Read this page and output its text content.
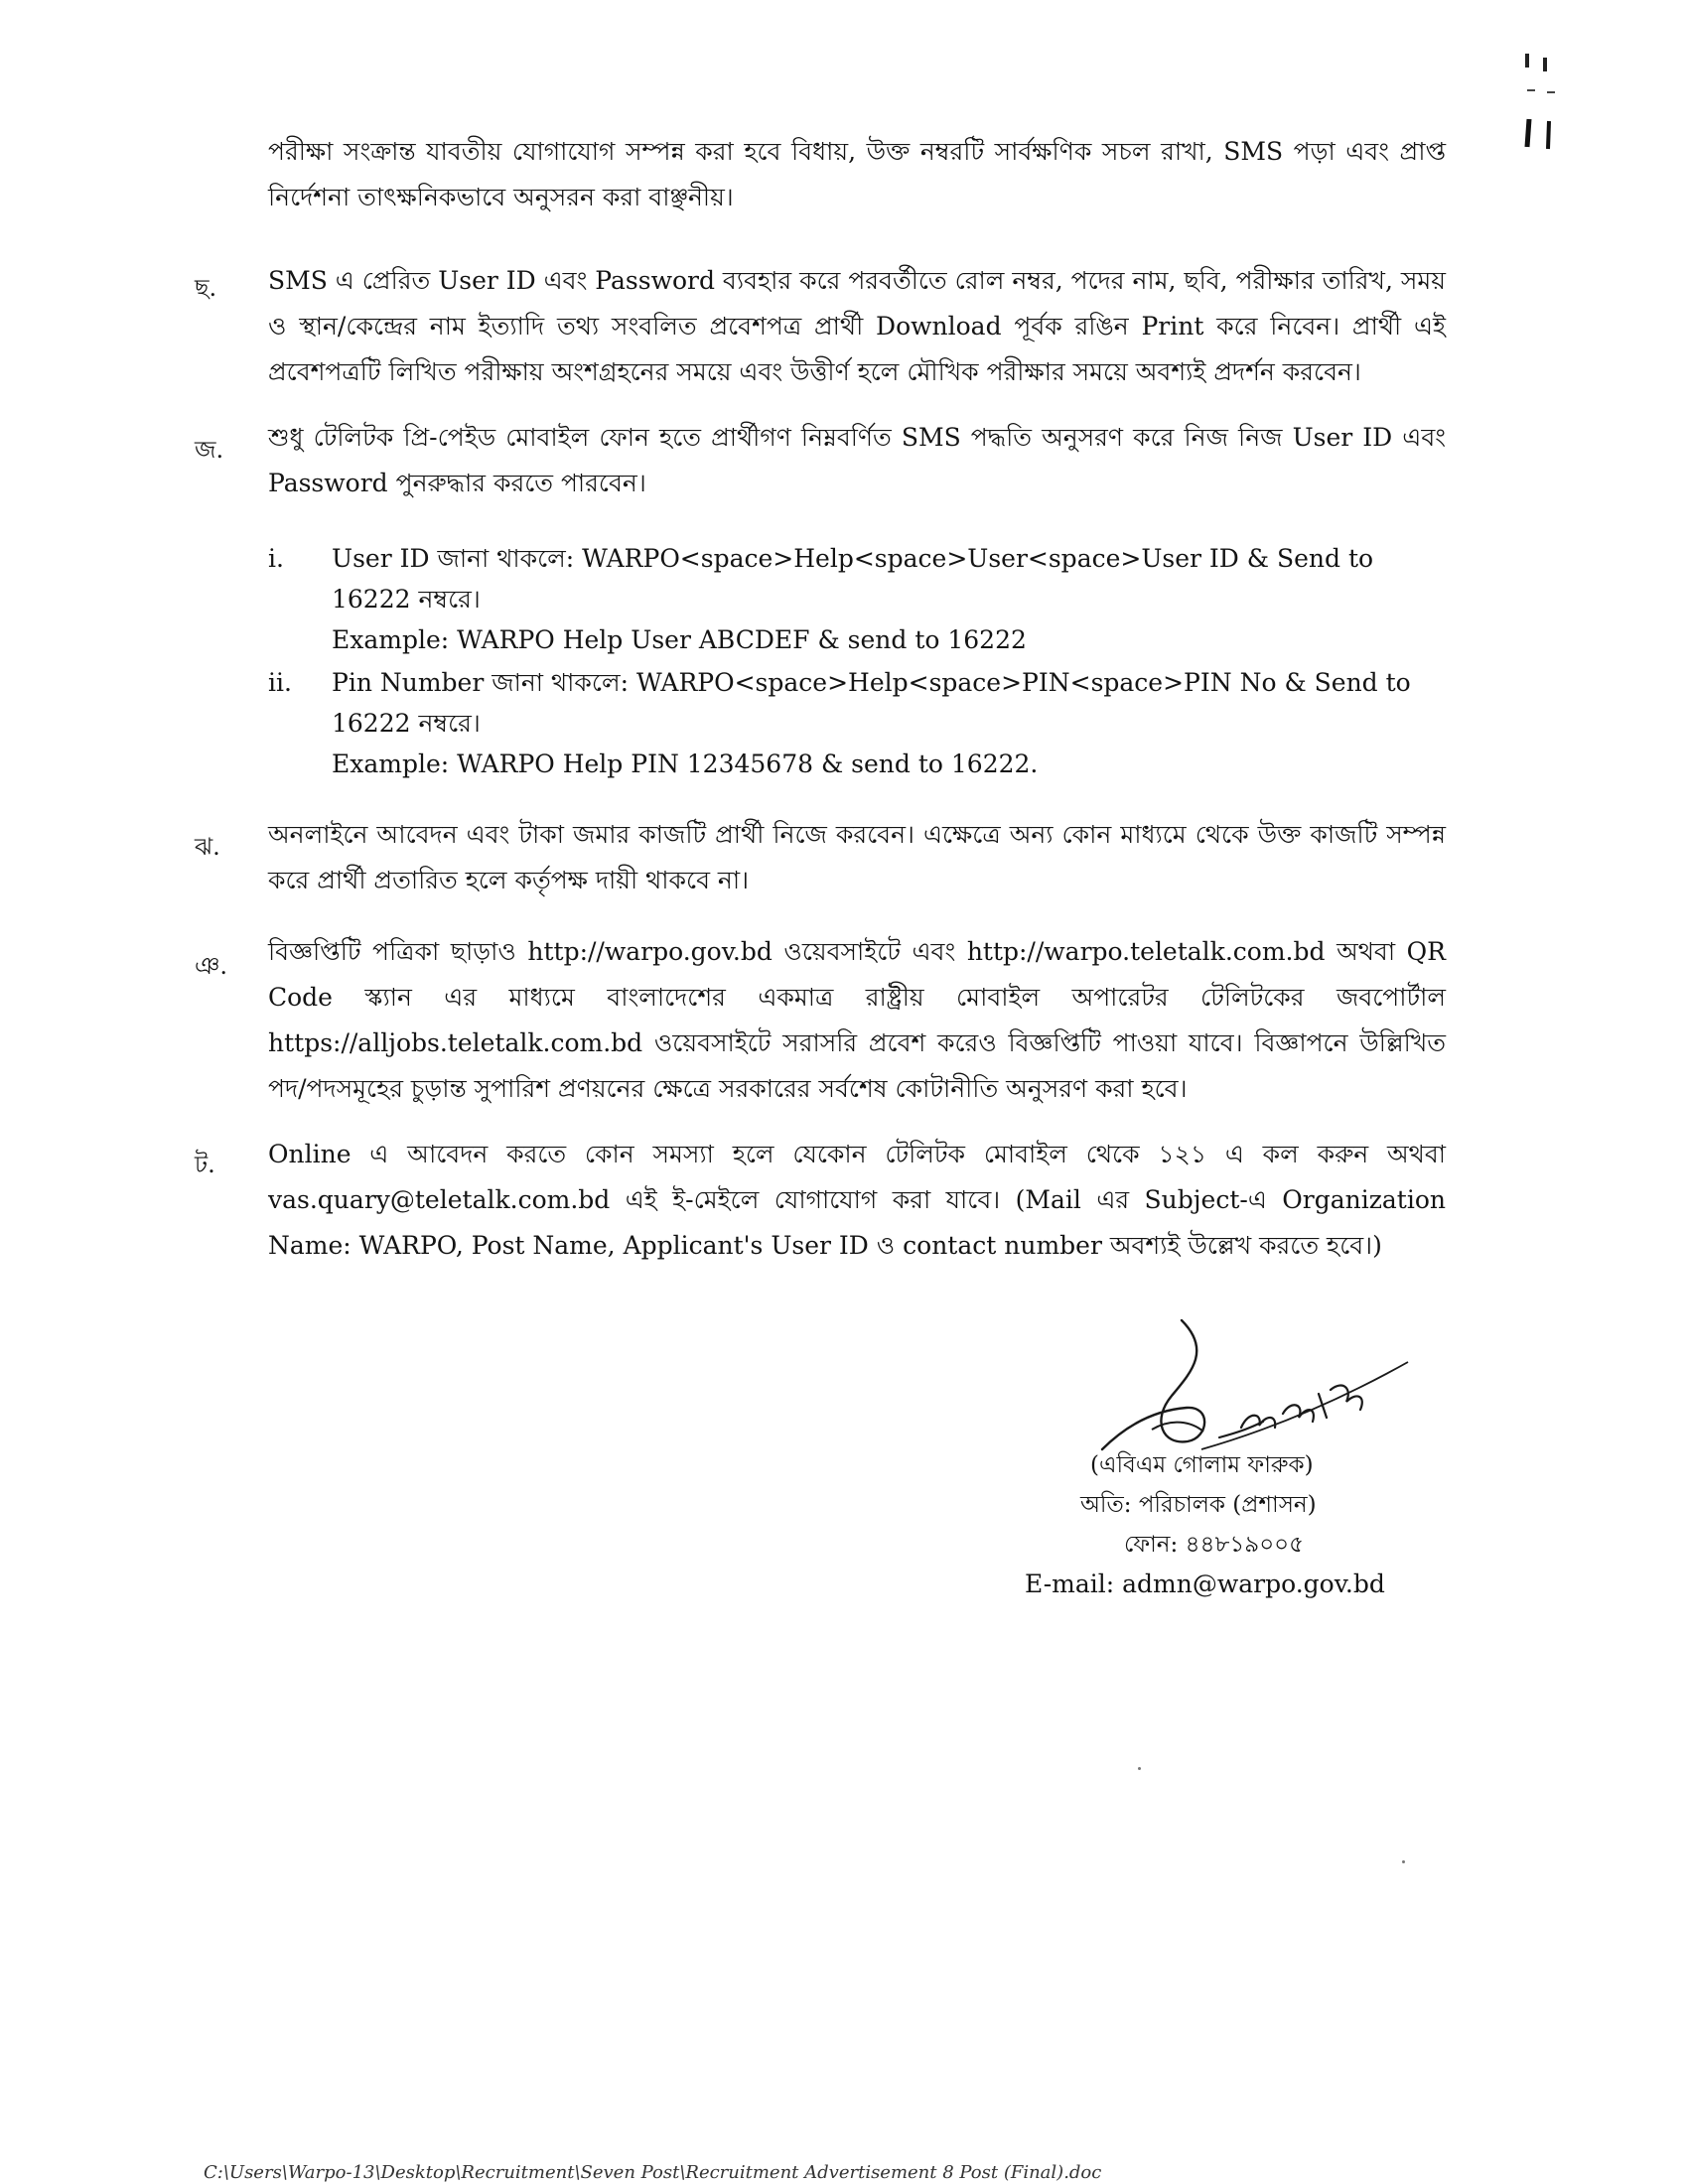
পরীক্ষা সংক্রান্ত যাবতীয় যোগাযোগ সম্পন্ন করা হবে বিধায়, উক্ত নম্বরটি সার্বক্ষণিক সচল রাখা, SMS পড়া এবং প্রাপ্ত নির্দেশনা তাৎক্ষনিকভাবে অনুসরন করা বাঞ্ছনীয়।

ছ. SMS এ প্রেরিত User ID এবং Password ব্যবহার করে পরবর্তীতে রোল নম্বর, পদের নাম, ছবি, পরীক্ষার তারিখ, সময় ও স্থান/কেন্দ্রের নাম ইত্যাদি তথ্য সংবলিত প্রবেশপত্র প্রার্থী Download পূর্বক রঙিন Print করে নিবেন। প্রার্থী এই প্রবেশপত্রটি লিখিত পরীক্ষায় অংশগ্রহনের সময়ে এবং উত্তীর্ণ হলে মৌখিক পরীক্ষার সময়ে অবশ্যই প্রদর্শন করবেন।

জ. শুধু টেলিটক প্রি-পেইড মোবাইল ফোন হতে প্রার্থীগণ নিম্নবর্ণিত SMS পদ্ধতি অনুসরণ করে নিজ নিজ User ID এবং Password পুনরুদ্ধার করতে পারবেন।

i. User ID জানা থাকলে: WARPO<space>Help<space>User<space>User ID & Send to 16222 নম্বরে।
Example: WARPO Help User ABCDEF & send to 16222
ii. Pin Number জানা থাকলে: WARPO<space>Help<space>PIN<space>PIN No & Send to 16222 নম্বরে।
Example: WARPO Help PIN 12345678 & send to 16222.
ঝ. অনলাইনে আবেদন এবং টাকা জমার কাজটি প্রার্থী নিজে করবেন। এক্ষেত্রে অন্য কোন মাধ্যমে থেকে উক্ত কাজটি সম্পন্ন করে প্রার্থী প্রতারিত হলে কর্তৃপক্ষ দায়ী থাকবে না।

ঞ. বিজ্ঞপ্তিটি পত্রিকা ছাড়াও http://warpo.gov.bd ওয়েবসাইটে এবং http://warpo.teletalk.com.bd অথবা QR Code স্ক্যান এর মাধ্যমে বাংলাদেশের একমাত্র রাষ্ট্রীয় মোবাইল অপারেটর টেলিটকের জবপোর্টাল https://alljobs.teletalk.com.bd ওয়েবসাইটে সরাসরি প্রবেশ করেও বিজ্ঞপ্তিটি পাওয়া যাবে। বিজ্ঞাপনে উল্লিখিত পদ/পদসমূহের চুড়ান্ত সুপারিশ প্রণয়নের ক্ষেত্রে সরকারের সর্বশেষ কোটানীতি অনুসরণ করা হবে।

ট. Online এ আবেদন করতে কোন সমস্যা হলে যেকোন টেলিটক মোবাইল থেকে ১২১ এ কল করুন অথবা vas.quary@teletalk.com.bd এই ই-মেইলে যোগাযোগ করা যাবে। (Mail এর Subject-এ Organization Name: WARPO, Post Name, Applicant's User ID ও contact number অবশ্যই উল্লেখ করতে হবে।)

(এবিএম গোলাম ফারুক)
অতি: পরিচালক (প্রশাসন)
ফোন: ৪৪৮১৯০০৫
E-mail: admn@warpo.gov.bd
C:\Users\Warpo-13\Desktop\Recruitment\Seven Post\Recruitment Advertisement 8 Post (Final).doc
